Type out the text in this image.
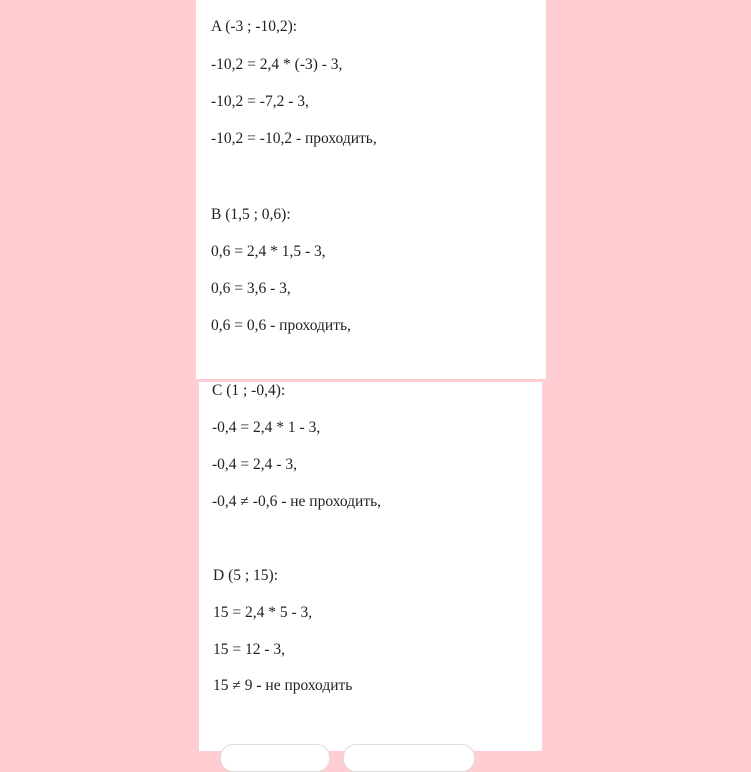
A (-3 ; -10,2):
-10,2 = 2,4 * (-3) - 3,
-10,2 = -7,2 - 3,
-10,2 = -10,2 - проходить,
B (1,5 ; 0,6):
0,6 = 2,4 * 1,5 - 3,
0,6 = 3,6 - 3,
0,6 = 0,6 - проходить,
C (1 ; -0,4):
-0,4 = 2,4 * 1 - 3,
-0,4 = 2,4 - 3,
-0,4 ≠ -0,6 - не проходить,
D (5 ; 15):
15 = 2,4 * 5 - 3,
15 = 12 - 3,
15 ≠ 9 - не проходить
